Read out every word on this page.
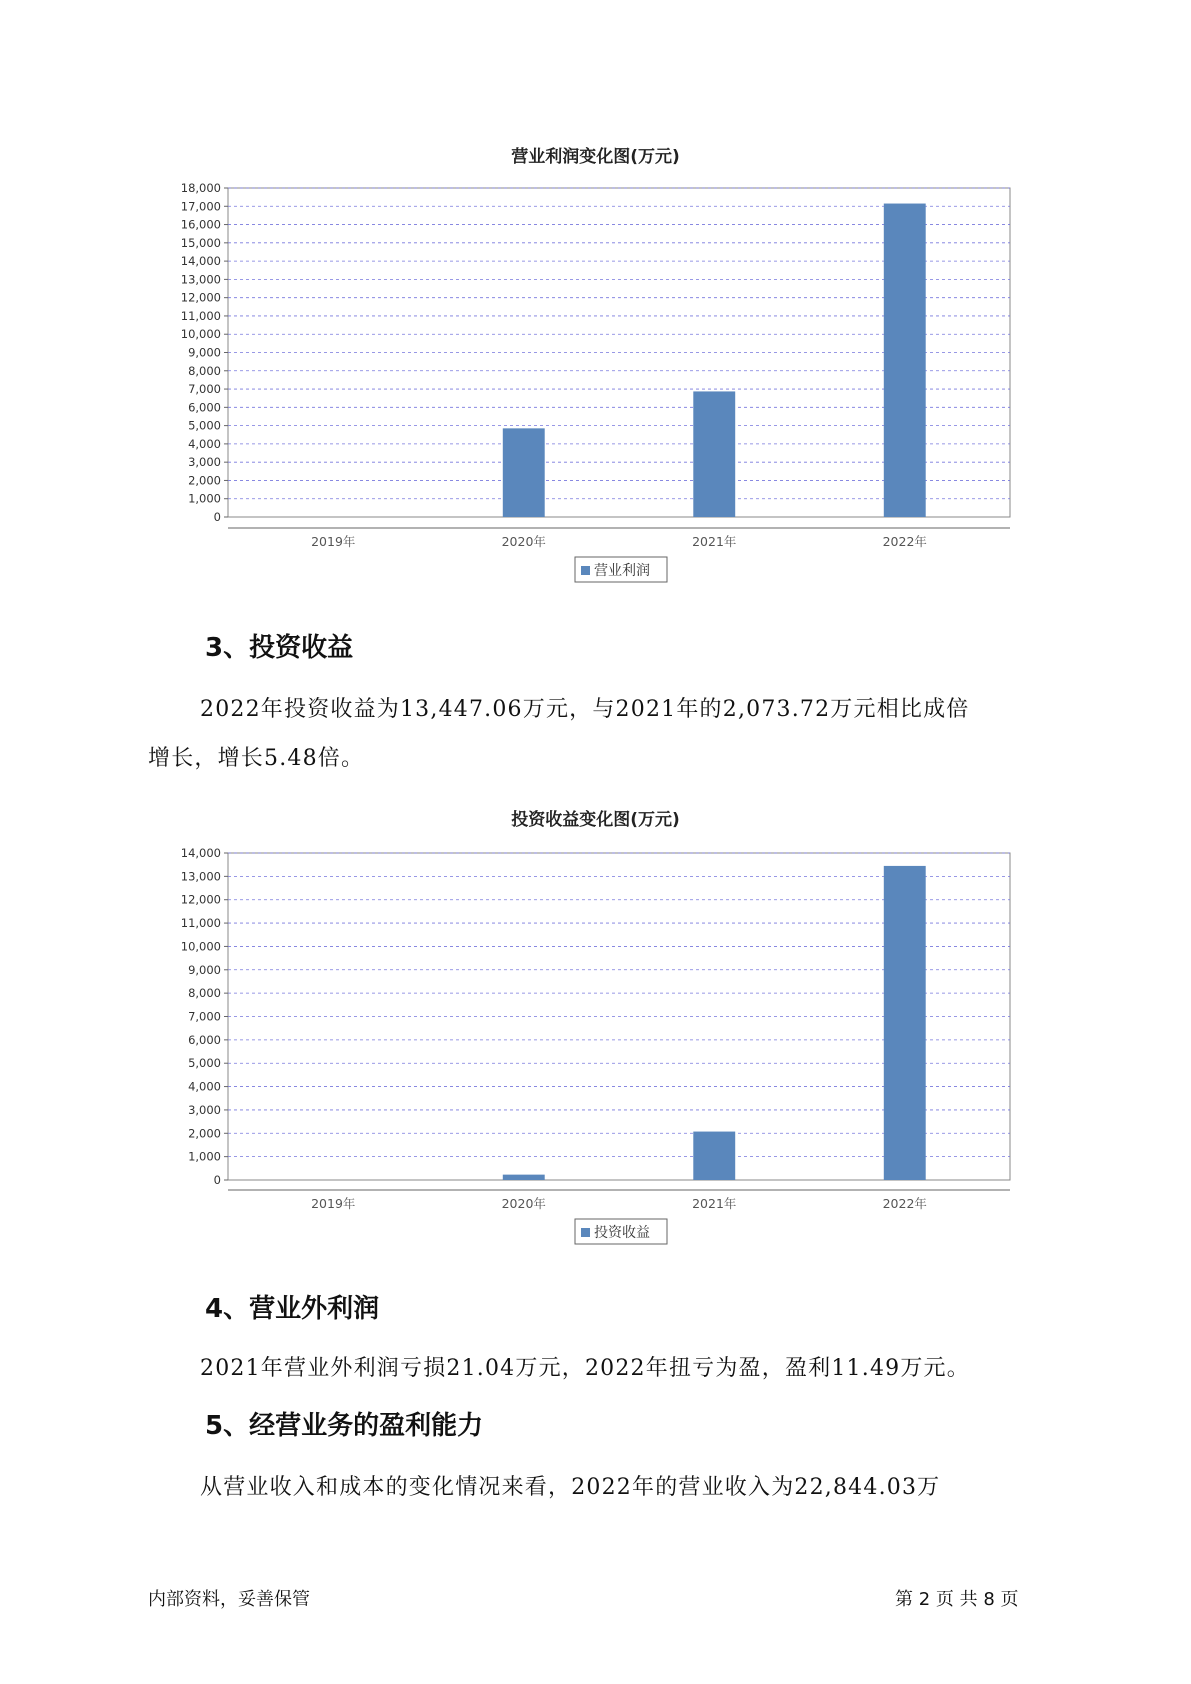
营业利润变化图(万元)
0
1,000
2,000
3,000
4,000
5,000
6,000
7,000
8,000
9,000
10,000
11,000
12,000
13,000
14,000
15,000
16,000
17,000
18,000
2019年	2020年	2021年	2022年
营业利润
3、投资收益
2022年投资收益为13,447.06万元，与2021年的2,073.72万元相比成倍
增长，增长5.48倍。
投资收益变化图(万元)
0
1,000
2,000
3,000
4,000
5,000
6,000
7,000
8,000
9,000
10,000
11,000
12,000
13,000
14,000
2019年	2020年	2021年	2022年
投资收益
4、营业外利润
2021年营业外利润亏损21.04万元，2022年扭亏为盈，盈利11.49万元。
5、经营业务的盈利能力
从营业收入和成本的变化情况来看，2022年的营业收入为22,844.03万
内部资料，妥善保管	第 2 页 共 8 页
